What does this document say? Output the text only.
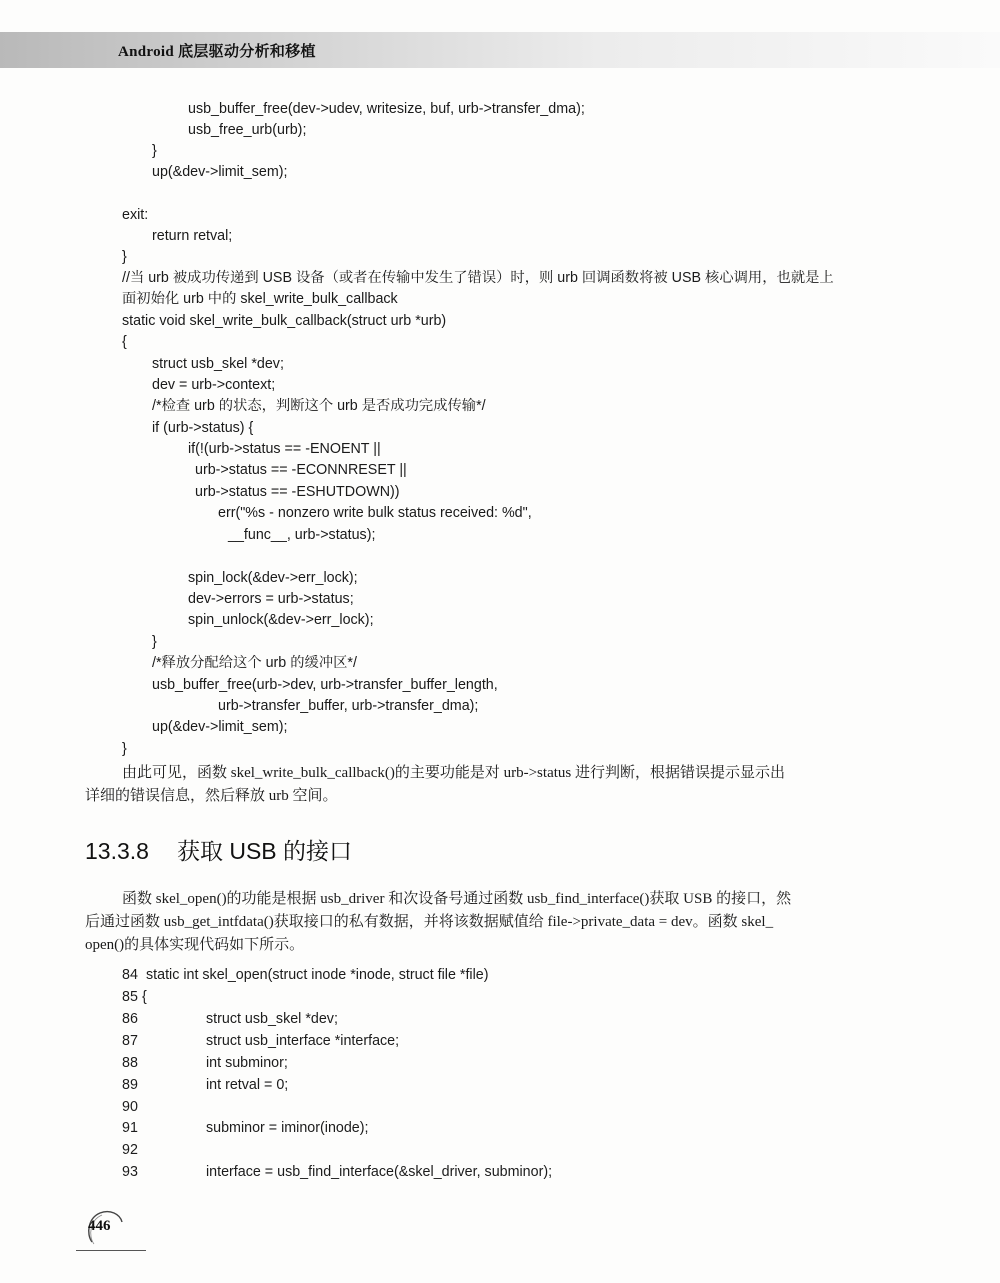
Android 底层驱动分析和移植
usb_buffer_free(dev->udev, writesize, buf, urb->transfer_dma);
usb_free_urb(urb);
}
up(&dev->limit_sem);
exit:
return retval;
}
//当 urb 被成功传递到 USB 设备（或者在传输中发生了错误）时，则 urb 回调函数将被 USB 核心调用，也就是上
面初始化 urb 中的 skel_write_bulk_callback
static void skel_write_bulk_callback(struct urb *urb)
{
struct usb_skel *dev;
dev = urb->context;
/*检查 urb 的状态，判断这个 urb 是否成功完成传输*/
if (urb->status) {
if(!(urb->status == -ENOENT ||
urb->status == -ECONNRESET ||
urb->status == -ESHUTDOWN))
err("%s - nonzero write bulk status received: %d",
__func__, urb->status);
spin_lock(&dev->err_lock);
dev->errors = urb->status;
spin_unlock(&dev->err_lock);
}
/*释放分配给这个 urb 的缓冲区*/
usb_buffer_free(urb->dev, urb->transfer_buffer_length,
urb->transfer_buffer, urb->transfer_dma);
up(&dev->limit_sem);
}
由此可见，函数 skel_write_bulk_callback()的主要功能是对 urb->status 进行判断，根据错误提示显示出
详细的错误信息，然后释放 urb 空间。
13.3.8 获取 USB 的接口
函数 skel_open()的功能是根据 usb_driver 和次设备号通过函数 usb_find_interface()获取 USB 的接口，然
后通过函数 usb_get_intfdata()获取接口的私有数据，并将该数据赋值给 file->private_data = dev。函数 skel_
open()的具体实现代码如下所示。
84 static int skel_open(struct inode *inode, struct file *file)
85 {
86	struct usb_skel *dev;
87	struct usb_interface *interface;
88	int subminor;
89	int retval = 0;
90
91	subminor = iminor(inode);
92
93	interface = usb_find_interface(&skel_driver, subminor);
446
